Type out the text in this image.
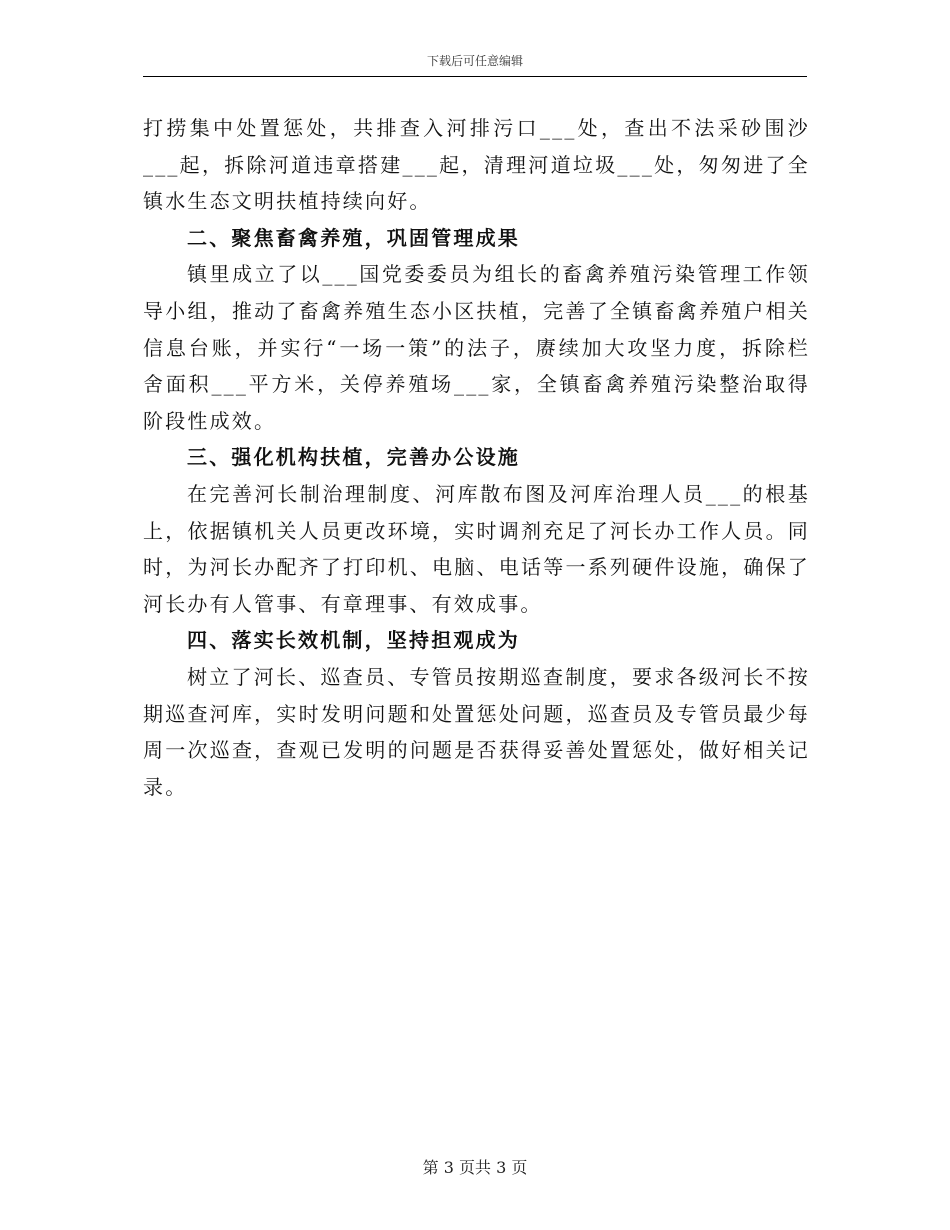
下载后可任意编辑

打捞集中处置惩处，共排查入河排污口___处，查出不法采砂围沙___起，拆除河道违章搭建___起，清理河道垃圾___处，匆匆进了全镇水生态文明扶植持续向好。

二、聚焦畜禽养殖，巩固管理成果

镇里成立了以___国党委委员为组长的畜禽养殖污染管理工作领导小组，推动了畜禽养殖生态小区扶植，完善了全镇畜禽养殖户相关信息台账，并实行“一场一策”的法子，赓续加大攻坚力度，拆除栏舍面积___平方米，关停养殖场___家，全镇畜禽养殖污染整治取得阶段性成效。

三、强化机构扶植，完善办公设施

在完善河长制治理制度、河库散布图及河库治理人员___的根基上，依据镇机关人员更改环境，实时调剂充足了河长办工作人员。同时，为河长办配齐了打印机、电脑、电话等一系列硬件设施，确保了河长办有人管事、有章理事、有效成事。

四、落实长效机制，坚持担观成为

树立了河长、巡查员、专管员按期巡查制度，要求各级河长不按期巡查河库，实时发明问题和处置惩处问题，巡查员及专管员最少每周一次巡查，查观已发明的问题是否获得妥善处置惩处，做好相关记录。

第 3 页共 3 页
